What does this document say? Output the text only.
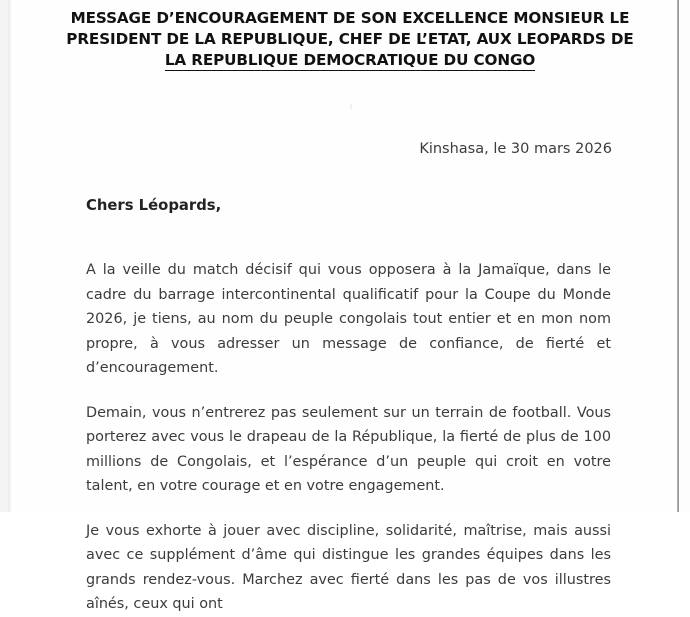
MESSAGE D’ENCOURAGEMENT DE SON EXCELLENCE MONSIEUR LE
PRESIDENT DE LA REPUBLIQUE, CHEF DE L’ETAT, AUX LEOPARDS DE
LA REPUBLIQUE DEMOCRATIQUE DU CONGO
Kinshasa, le 30 mars 2026
Chers Léopards,

A la veille du match décisif qui vous opposera à la Jamaïque, dans le cadre du barrage intercontinental qualificatif pour la Coupe du Monde 2026, je tiens, au nom du peuple congolais tout entier et en mon nom propre, à vous adresser un message de confiance, de fierté et d’encouragement.

Demain, vous n’entrerez pas seulement sur un terrain de football. Vous porterez avec vous le drapeau de la République, la fierté de plus de 100 millions de Congolais, et l’espérance d’un peuple qui croit en votre talent, en votre courage et en votre engagement.

Je vous exhorte à jouer avec discipline, solidarité, maîtrise, mais aussi avec ce supplément d’âme qui distingue les grandes équipes dans les grands rendez-vous. Marchez avec fierté dans les pas de vos illustres aînés, ceux qui ont
